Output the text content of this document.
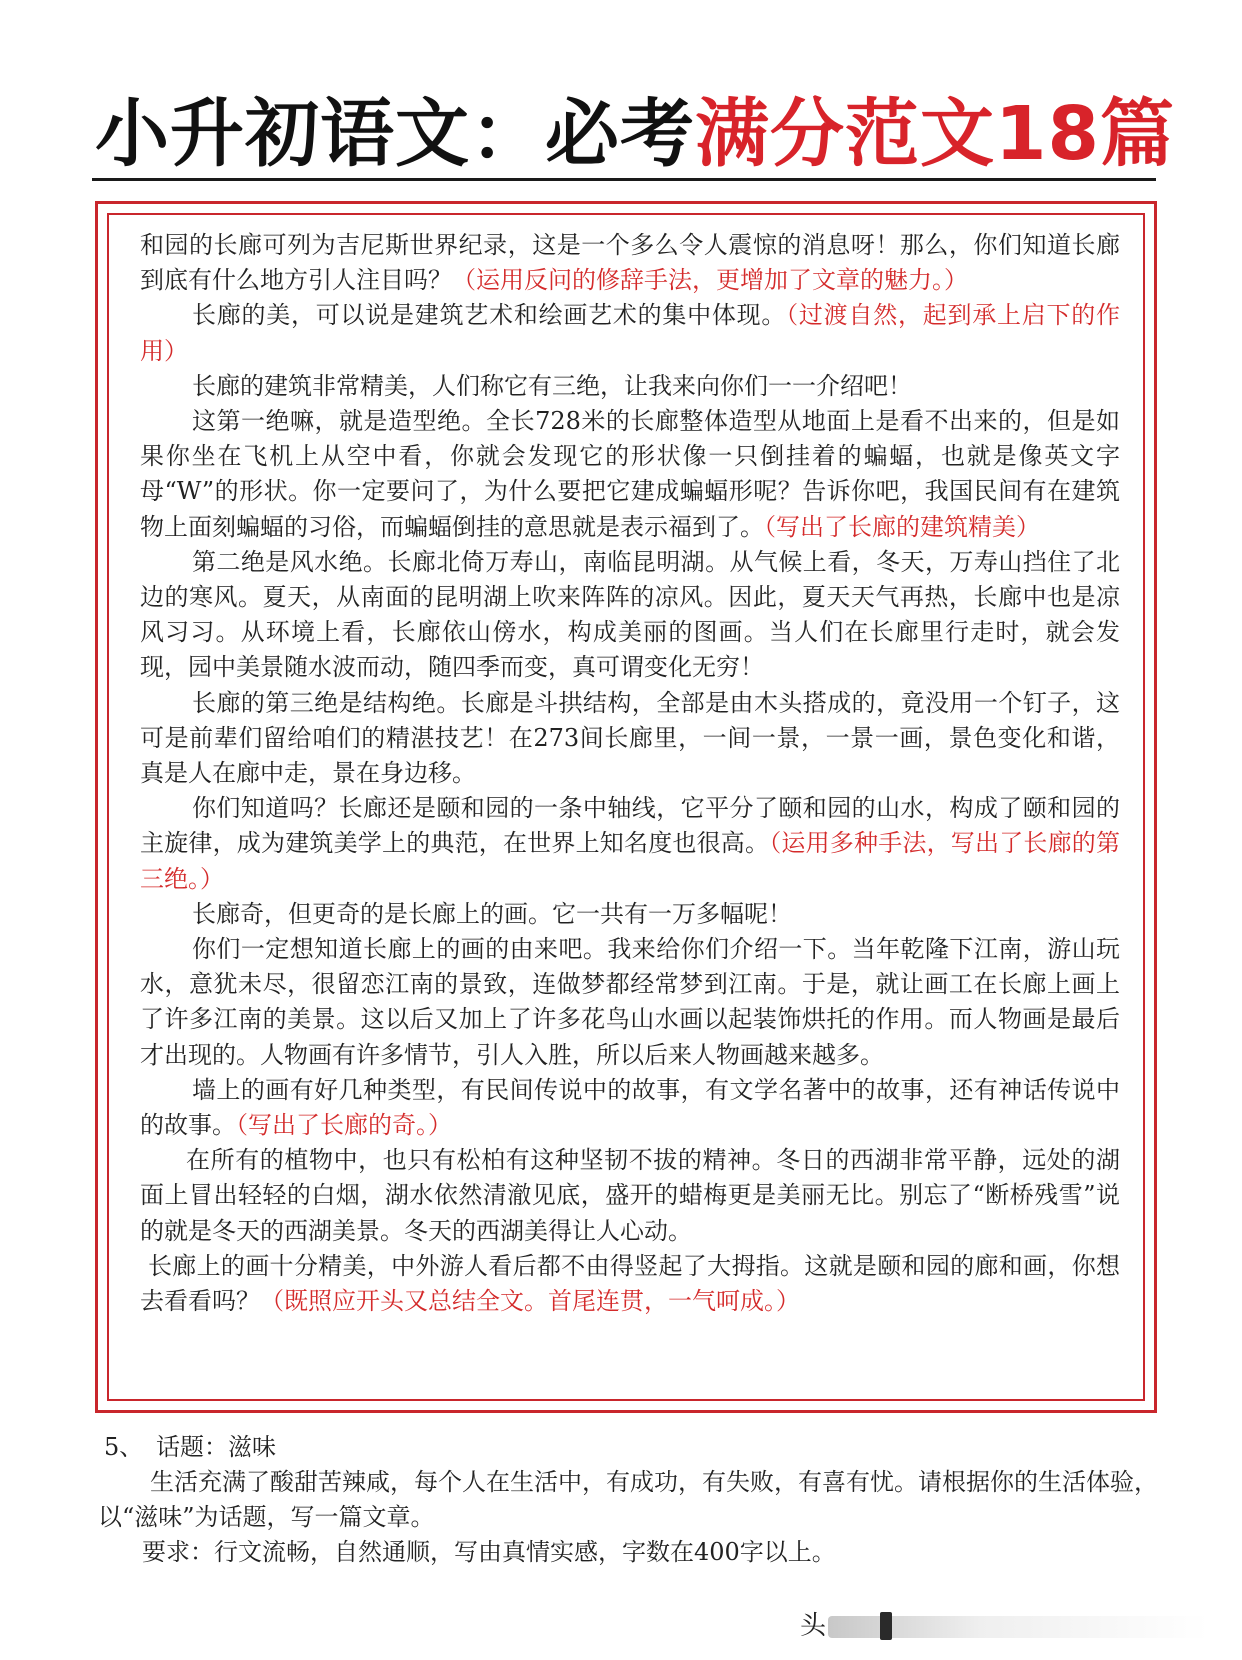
小升初语文：必考满分范文18篇

和园的长廊可列为吉尼斯世界纪录，这是一个多么令人震惊的消息呀！那么，你们知道长廊到底有什么地方引人注目吗？（运用反问的修辞手法，更增加了文章的魅力。）

长廊的美，可以说是建筑艺术和绘画艺术的集中体现。（过渡自然，起到承上启下的作用）

长廊的建筑非常精美，人们称它有三绝，让我来向你们一一介绍吧！

这第一绝嘛，就是造型绝。全长728米的长廊整体造型从地面上是看不出来的，但是如果你坐在飞机上从空中看，你就会发现它的形状像一只倒挂着的蝙蝠，也就是像英文字母“W”的形状。你一定要问了，为什么要把它建成蝙蝠形呢？告诉你吧，我国民间有在建筑物上面刻蝙蝠的习俗，而蝙蝠倒挂的意思就是表示福到了。（写出了长廊的建筑精美）

第二绝是风水绝。长廊北倚万寿山，南临昆明湖。从气候上看，冬天，万寿山挡住了北边的寒风。夏天，从南面的昆明湖上吹来阵阵的凉风。因此，夏天天气再热，长廊中也是凉风习习。从环境上看，长廊依山傍水，构成美丽的图画。当人们在长廊里行走时，就会发现，园中美景随水波而动，随四季而变，真可谓变化无穷！

长廊的第三绝是结构绝。长廊是斗拱结构，全部是由木头搭成的，竟没用一个钉子，这可是前辈们留给咱们的精湛技艺！在273间长廊里，一间一景，一景一画，景色变化和谐，真是人在廊中走，景在身边移。

你们知道吗？长廊还是颐和园的一条中轴线，它平分了颐和园的山水，构成了颐和园的主旋律，成为建筑美学上的典范，在世界上知名度也很高。（运用多种手法，写出了长廊的第三绝。）

长廊奇，但更奇的是长廊上的画。它一共有一万多幅呢！

你们一定想知道长廊上的画的由来吧。我来给你们介绍一下。当年乾隆下江南，游山玩水，意犹未尽，很留恋江南的景致，连做梦都经常梦到江南。于是，就让画工在长廊上画上了许多江南的美景。这以后又加上了许多花鸟山水画以起装饰烘托的作用。而人物画是最后才出现的。人物画有许多情节，引人入胜，所以后来人物画越来越多。

墙上的画有好几种类型，有民间传说中的故事，有文学名著中的故事，还有神话传说中的故事。（写出了长廊的奇。）

在所有的植物中，也只有松柏有这种坚韧不拔的精神。冬日的西湖非常平静，远处的湖面上冒出轻轻的白烟，湖水依然清澈见底，盛开的蜡梅更是美丽无比。别忘了“断桥残雪”说的就是冬天的西湖美景。冬天的西湖美得让人心动。

长廊上的画十分精美，中外游人看后都不由得竖起了大拇指。这就是颐和园的廊和画，你想去看看吗？（既照应开头又总结全文。首尾连贯，一气呵成。）

5、 话题：滋味

生活充满了酸甜苦辣咸，每个人在生活中，有成功，有失败，有喜有忧。请根据你的生活体验，以“滋味”为话题，写一篇文章。

要求：行文流畅，自然通顺，写由真情实感，字数在400字以上。

头
